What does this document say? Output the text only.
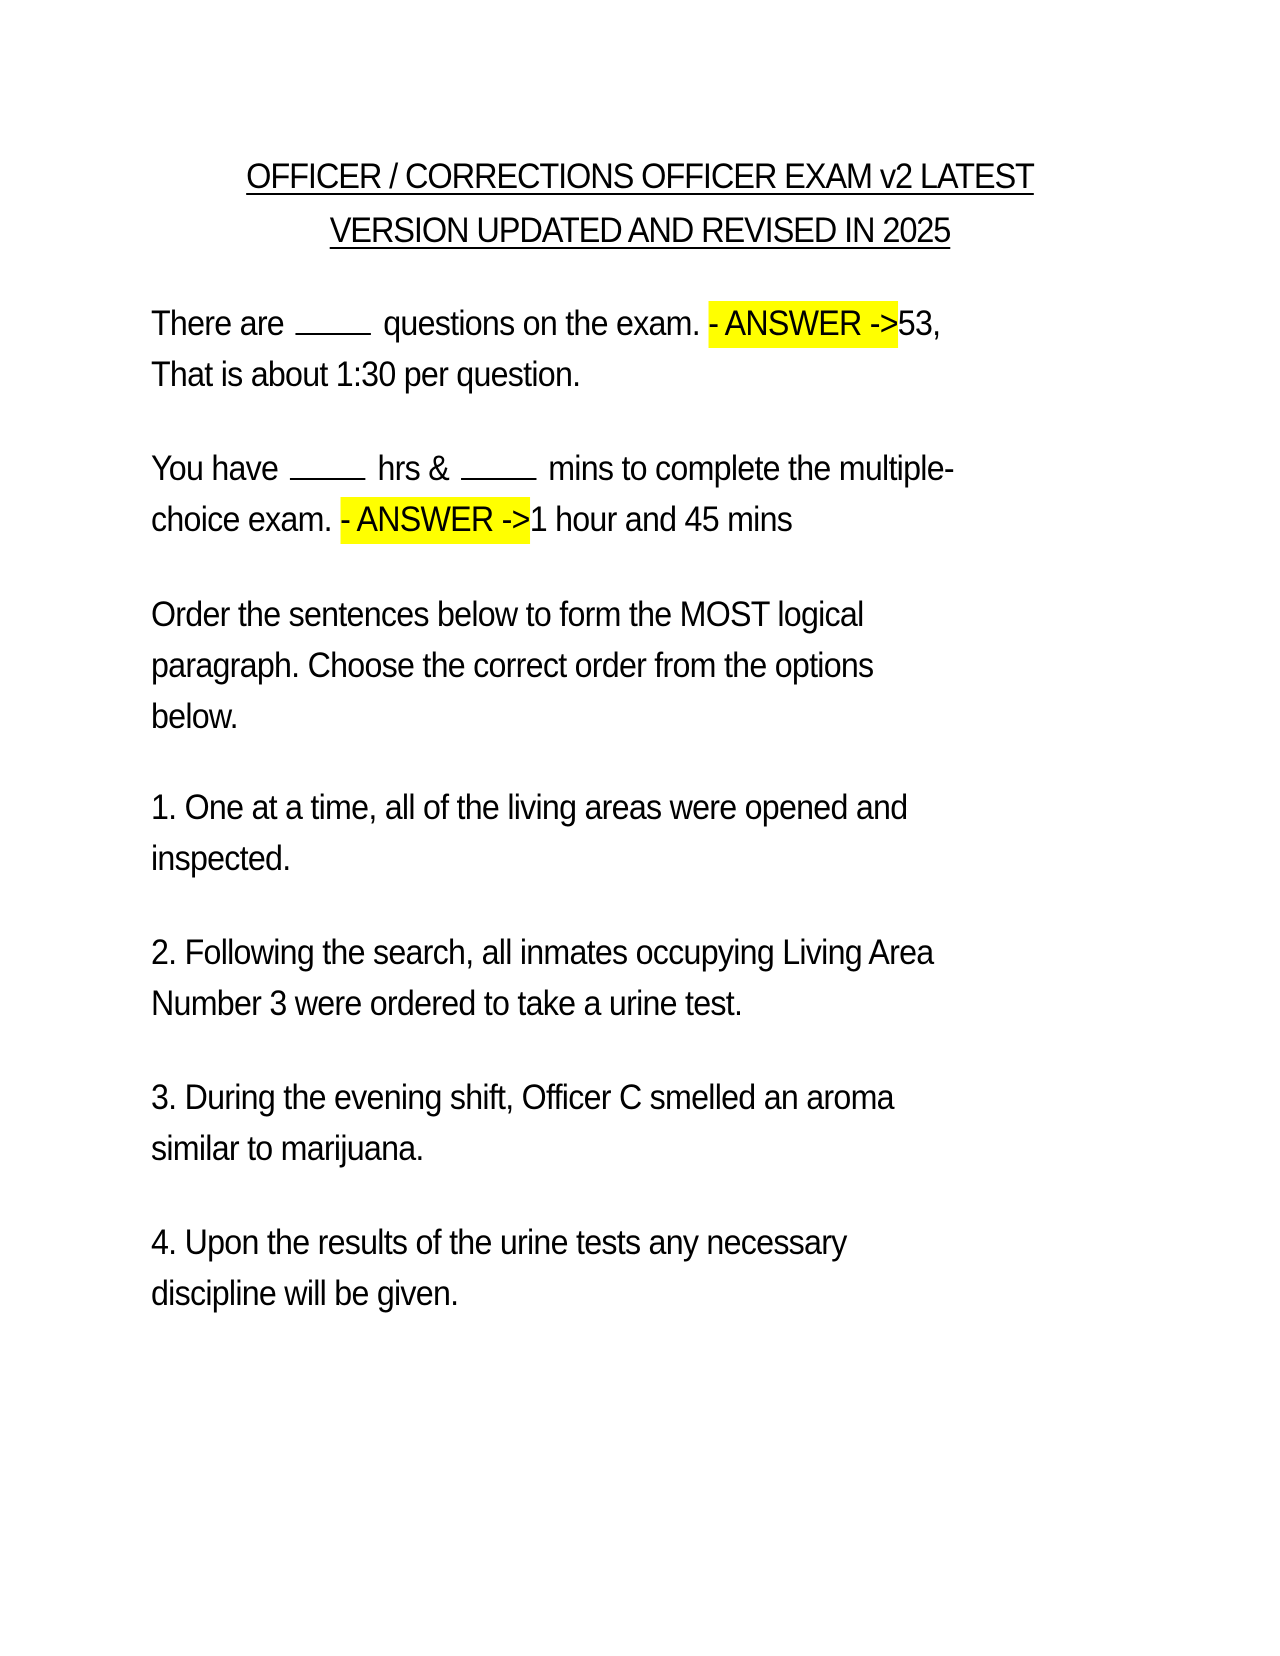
OFFICER / CORRECTIONS OFFICER EXAM v2 LATEST
VERSION UPDATED AND REVISED IN 2025
There are	questions on the exam. - ANSWER ->53,
That is about 1:30 per question.
You have	hrs &	mins to complete the multiple-
choice exam. - ANSWER ->1 hour and 45 mins
Order the sentences below to form the MOST logical
paragraph. Choose the correct order from the options
below.
1. One at a time, all of the living areas were opened and
inspected.
2. Following the search, all inmates occupying Living Area
Number 3 were ordered to take a urine test.
3. During the evening shift, Officer C smelled an aroma
similar to marijuana.
4. Upon the results of the urine tests any necessary
discipline will be given.
